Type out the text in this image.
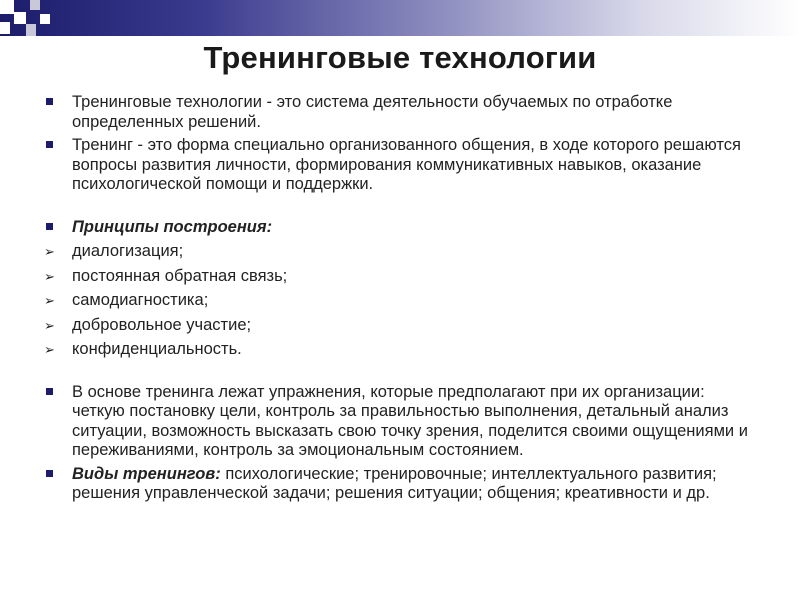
Тренинговые технологии
Тренинговые технологии - это система деятельности обучаемых по отработке определенных решений.
Тренинг - это форма специально организованного общения, в ходе которого решаются вопросы развития личности, формирования коммуникативных навыков, оказание психологической помощи и поддержки.
Принципы построения:
➢ диалогизация;
➢ постоянная обратная связь;
➢ самодиагностика;
➢ добровольное участие;
➢ конфиденциальность.
В основе тренинга лежат упражнения, которые предполагают при их организации: четкую постановку цели, контроль за правильностью выполнения, детальный анализ ситуации, возможность высказать свою точку зрения, поделится своими ощущениями и переживаниями, контроль за эмоциональным состоянием.
Виды тренингов: психологические; тренировочные; интеллектуального развития; решения управленческой задачи; решения ситуации; общения; креативности и др.
